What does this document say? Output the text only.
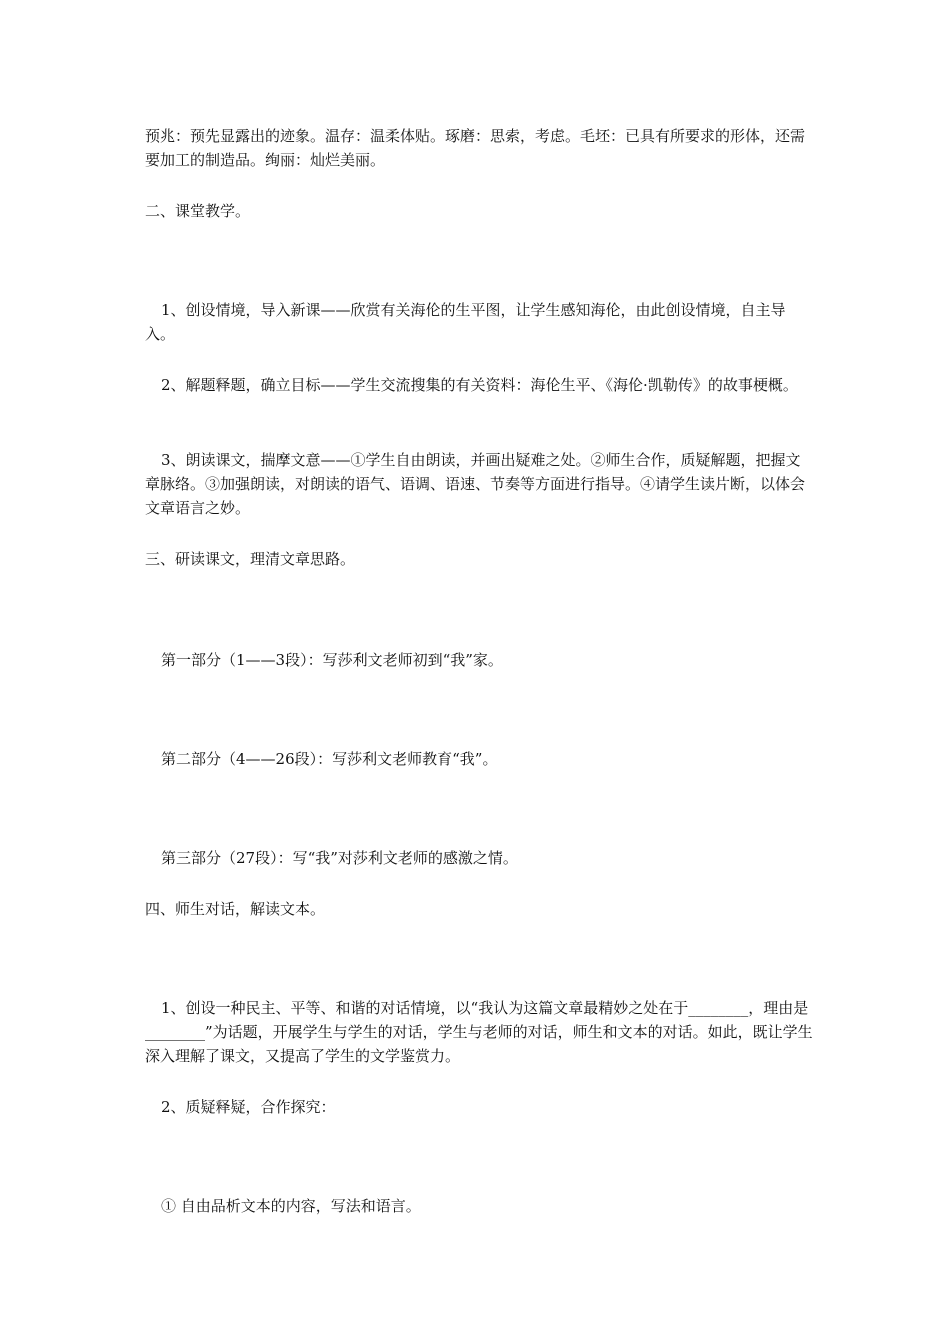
预兆：预先显露出的迹象。温存：温柔体贴。琢磨：思索，考虑。毛坯：已具有所要求的形体，还需要加工的制造品。绚丽：灿烂美丽。

二、课堂教学。

1、创设情境，导入新课——欣赏有关海伦的生平图，让学生感知海伦，由此创设情境，自主导入。

2、解题释题，确立目标——学生交流搜集的有关资料：海伦生平、《海伦·凯勒传》的故事梗概。

3、朗读课文，揣摩文意——①学生自由朗读，并画出疑难之处。②师生合作，质疑解题，把握文章脉络。③加强朗读，对朗读的语气、语调、语速、节奏等方面进行指导。④请学生读片断，以体会文章语言之妙。

三、研读课文，理清文章思路。

第一部分（1——3段）：写莎利文老师初到“我”家。

第二部分（4——26段）：写莎利文老师教育“我”。

第三部分（27段）：写“我”对莎利文老师的感激之情。

四、师生对话，解读文本。

1、创设一种民主、平等、和谐的对话情境，以“我认为这篇文章最精妙之处在于________，理由是________”为话题，开展学生与学生的对话，学生与老师的对话，师生和文本的对话。如此，既让学生深入理解了课文，又提高了学生的文学鉴赏力。

2、质疑释疑，合作探究：

① 自由品析文本的内容，写法和语言。
